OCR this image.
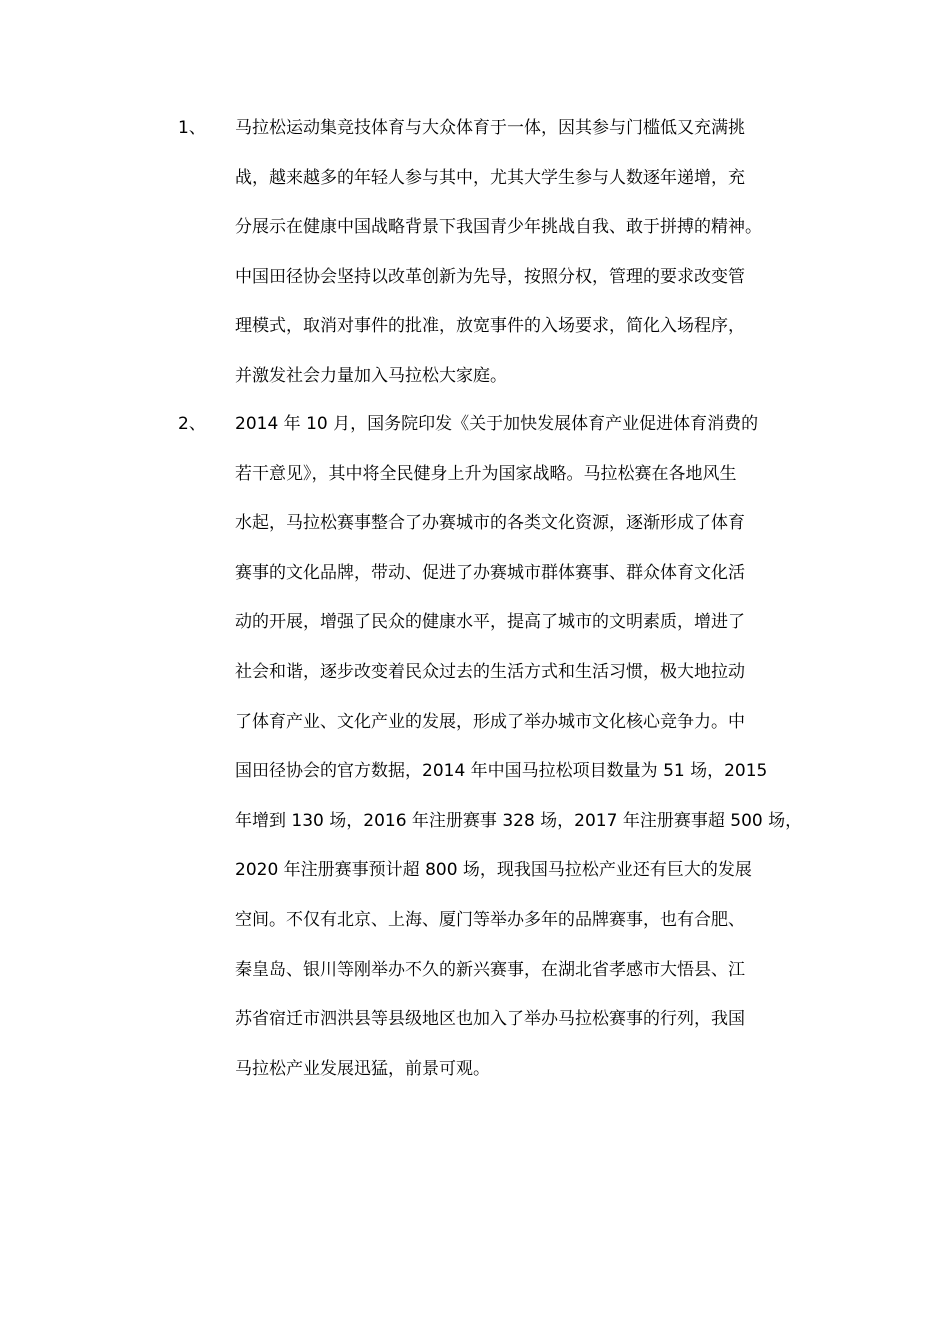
1、 马拉松运动集竞技体育与大众体育于一体，因其参与门槛低又充满挑
战，越来越多的年轻人参与其中，尤其大学生参与人数逐年递增，充
分展示在健康中国战略背景下我国青少年挑战自我、敢于拼搏的精神。
中国田径协会坚持以改革创新为先导，按照分权，管理的要求改变管
理模式，取消对事件的批准，放宽事件的入场要求，简化入场程序，
并激发社会力量加入马拉松大家庭。
2、 2014 年 10 月，国务院印发《关于加快发展体育产业促进体育消费的
若干意见》，其中将全民健身上升为国家战略。马拉松赛在各地风生
水起，马拉松赛事整合了办赛城市的各类文化资源，逐渐形成了体育
赛事的文化品牌，带动、促进了办赛城市群体赛事、群众体育文化活
动的开展，增强了民众的健康水平，提高了城市的文明素质，增进了
社会和谐，逐步改变着民众过去的生活方式和生活习惯，极大地拉动
了体育产业、文化产业的发展，形成了举办城市文化核心竞争力。中
国田径协会的官方数据，2014 年中国马拉松项目数量为 51 场，2015
年增到 130 场，2016 年注册赛事 328 场，2017 年注册赛事超 500 场，
2020 年注册赛事预计超 800 场，现我国马拉松产业还有巨大的发展
空间。不仅有北京、上海、厦门等举办多年的品牌赛事，也有合肥、
秦皇岛、银川等刚举办不久的新兴赛事，在湖北省孝感市大悟县、江
苏省宿迁市泗洪县等县级地区也加入了举办马拉松赛事的行列，我国
马拉松产业发展迅猛，前景可观。
